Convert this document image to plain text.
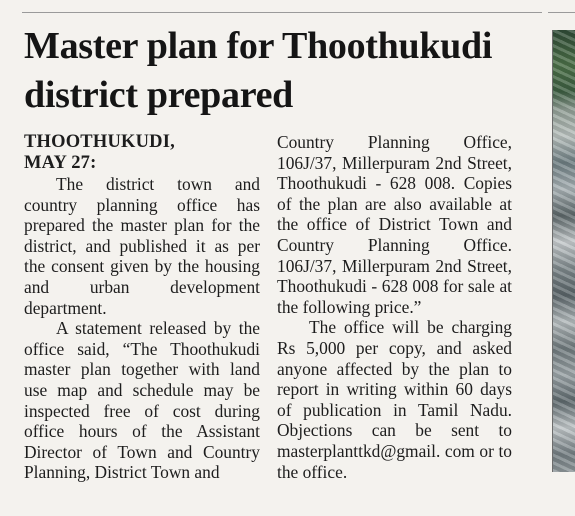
Master plan for Thoothukudi district prepared
THOOTHUKUDI,
MAY 27:

The district town and country planning office has prepared the master plan for the district, and published it as per the consent given by the housing and urban development department.

A statement released by the office said, “The Thoothukudi master plan together with land use map and schedule may be inspected free of cost during office hours of the Assistant Director of Town and Country Planning, District Town and

Country Planning Office, 106J/37, Millerpuram 2nd Street, Thoothukudi - 628 008. Copies of the plan are also available at the office of District Town and Country Planning Office. 106J/37, Millerpuram 2nd Street, Thoothukudi - 628 008 for sale at the following price.”

The office will be charging Rs 5,000 per copy, and asked anyone affected by the plan to report in writing within 60 days of publication in Tamil Nadu. Objections can be sent to masterplanttkd@gmail. com or to the office.
